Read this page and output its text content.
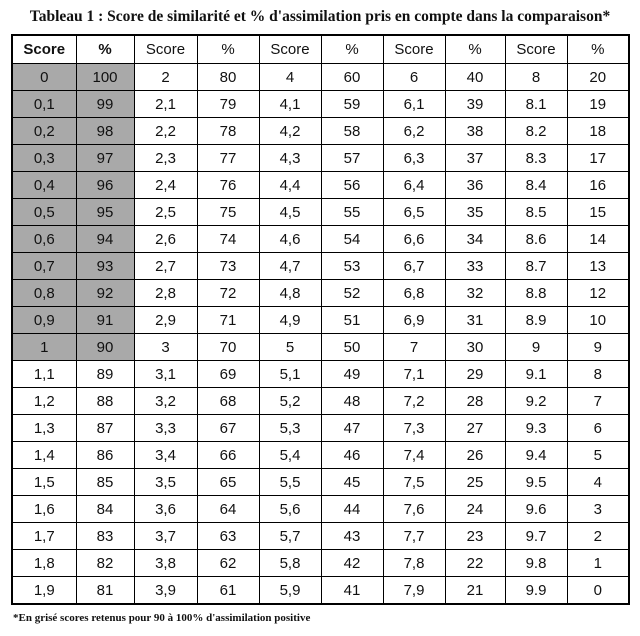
Tableau 1 : Score de similarité et % d'assimilation pris en compte dans la comparaison*
Score	%	Score	%	Score	%	Score	%	Score	%
0	100	2	80	4	60	6	40	8	20
0,1	99	2,1	79	4,1	59	6,1	39	8.1	19
0,2	98	2,2	78	4,2	58	6,2	38	8.2	18
0,3	97	2,3	77	4,3	57	6,3	37	8.3	17
0,4	96	2,4	76	4,4	56	6,4	36	8.4	16
0,5	95	2,5	75	4,5	55	6,5	35	8.5	15
0,6	94	2,6	74	4,6	54	6,6	34	8.6	14
0,7	93	2,7	73	4,7	53	6,7	33	8.7	13
0,8	92	2,8	72	4,8	52	6,8	32	8.8	12
0,9	91	2,9	71	4,9	51	6,9	31	8.9	10
1	90	3	70	5	50	7	30	9	9
1,1	89	3,1	69	5,1	49	7,1	29	9.1	8
1,2	88	3,2	68	5,2	48	7,2	28	9.2	7
1,3	87	3,3	67	5,3	47	7,3	27	9.3	6
1,4	86	3,4	66	5,4	46	7,4	26	9.4	5
1,5	85	3,5	65	5,5	45	7,5	25	9.5	4
1,6	84	3,6	64	5,6	44	7,6	24	9.6	3
1,7	83	3,7	63	5,7	43	7,7	23	9.7	2
1,8	82	3,8	62	5,8	42	7,8	22	9.8	1
1,9	81	3,9	61	5,9	41	7,9	21	9.9	0
*En grisé scores retenus pour 90 à 100% d'assimilation positive
